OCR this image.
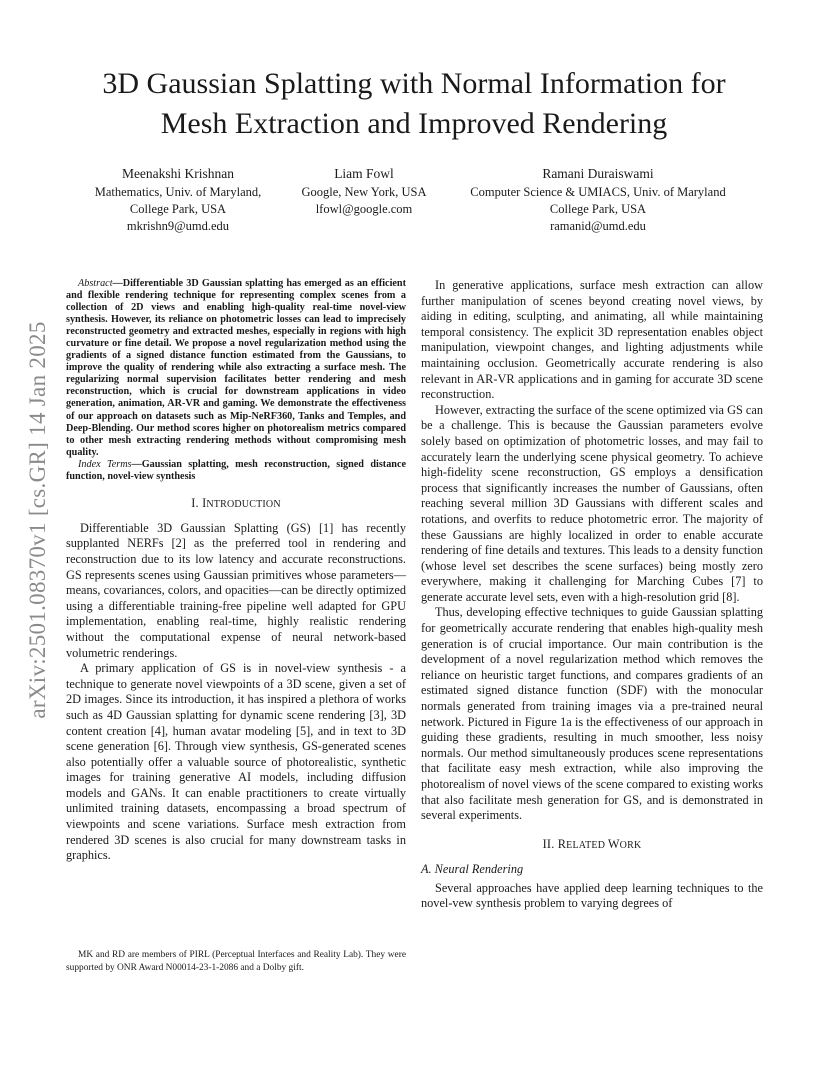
3D Gaussian Splatting with Normal Information for
Mesh Extraction and Improved Rendering
Meenakshi Krishnan
Mathematics, Univ. of Maryland,
College Park, USA
mkrishn9@umd.edu
Liam Fowl
Google, New York, USA
lfowl@google.com
Ramani Duraiswami
Computer Science & UMIACS, Univ. of Maryland
College Park, USA
ramanid@umd.edu
arXiv:2501.08370v1 [cs.GR] 14 Jan 2025

Abstract—Differentiable 3D Gaussian splatting has emerged as an efficient and flexible rendering technique for representing complex scenes from a collection of 2D views and enabling high-quality real-time novel-view synthesis. However, its reliance on photometric losses can lead to imprecisely reconstructed geometry and extracted meshes, especially in regions with high curvature or fine detail. We propose a novel regularization method using the gradients of a signed distance function estimated from the Gaussians, to improve the quality of rendering while also extracting a surface mesh. The regularizing normal supervision facilitates better rendering and mesh reconstruction, which is crucial for downstream applications in video generation, animation, AR-VR and gaming. We demonstrate the effectiveness of our approach on datasets such as Mip-NeRF360, Tanks and Temples, and Deep-Blending. Our method scores higher on photorealism metrics compared to other mesh extracting rendering methods without compromising mesh quality.

Index Terms—Gaussian splatting, mesh reconstruction, signed distance function, novel-view synthesis

I. INTRODUCTION

Differentiable 3D Gaussian Splatting (GS) [1] has recently supplanted NERFs [2] as the preferred tool in rendering and reconstruction due to its low latency and accurate reconstructions. GS represents scenes using Gaussian primitives whose parameters—means, covariances, colors, and opacities—can be directly optimized using a differentiable training-free pipeline well adapted for GPU implementation, enabling real-time, highly realistic rendering without the computational expense of neural network-based volumetric renderings.

A primary application of GS is in novel-view synthesis - a technique to generate novel viewpoints of a 3D scene, given a set of 2D images. Since its introduction, it has inspired a plethora of works such as 4D Gaussian splatting for dynamic scene rendering [3], 3D content creation [4], human avatar modeling [5], and in text to 3D scene generation [6]. Through view synthesis, GS-generated scenes also potentially offer a valuable source of photorealistic, synthetic images for training generative AI models, including diffusion models and GANs. It can enable practitioners to create virtually unlimited training datasets, encompassing a broad spectrum of viewpoints and scene variations. Surface mesh extraction from rendered 3D scenes is also crucial for many downstream tasks in graphics.

MK and RD are members of PIRL (Perceptual Interfaces and Reality Lab). They were supported by ONR Award N00014-23-1-2086 and a Dolby gift.

In generative applications, surface mesh extraction can allow further manipulation of scenes beyond creating novel views, by aiding in editing, sculpting, and animating, all while maintaining temporal consistency. The explicit 3D representation enables object manipulation, viewpoint changes, and lighting adjustments while maintaining occlusion. Geometrically accurate rendering is also relevant in AR-VR applications and in gaming for accurate 3D scene reconstruction.

However, extracting the surface of the scene optimized via GS can be a challenge. This is because the Gaussian parameters evolve solely based on optimization of photometric losses, and may fail to accurately learn the underlying scene physical geometry. To achieve high-fidelity scene reconstruction, GS employs a densification process that significantly increases the number of Gaussians, often reaching several million 3D Gaussians with different scales and rotations, and overfits to reduce photometric error. The majority of these Gaussians are highly localized in order to enable accurate rendering of fine details and textures. This leads to a density function (whose level set describes the scene surfaces) being mostly zero everywhere, making it challenging for Marching Cubes [7] to generate accurate level sets, even with a high-resolution grid [8].

Thus, developing effective techniques to guide Gaussian splatting for geometrically accurate rendering that enables high-quality mesh generation is of crucial importance. Our main contribution is the development of a novel regularization method which removes the reliance on heuristic target functions, and compares gradients of an estimated signed distance function (SDF) with the monocular normals generated from training images via a pre-trained neural network. Pictured in Figure 1a is the effectiveness of our approach in guiding these gradients, resulting in much smoother, less noisy normals. Our method simultaneously produces scene representations that facilitate easy mesh extraction, while also improving the photorealism of novel views of the scene compared to existing works that also facilitate mesh generation for GS, and is demonstrated in several experiments.

II. RELATED WORK
A. Neural Rendering

Several approaches have applied deep learning techniques to the novel-vew synthesis problem to varying degrees of
